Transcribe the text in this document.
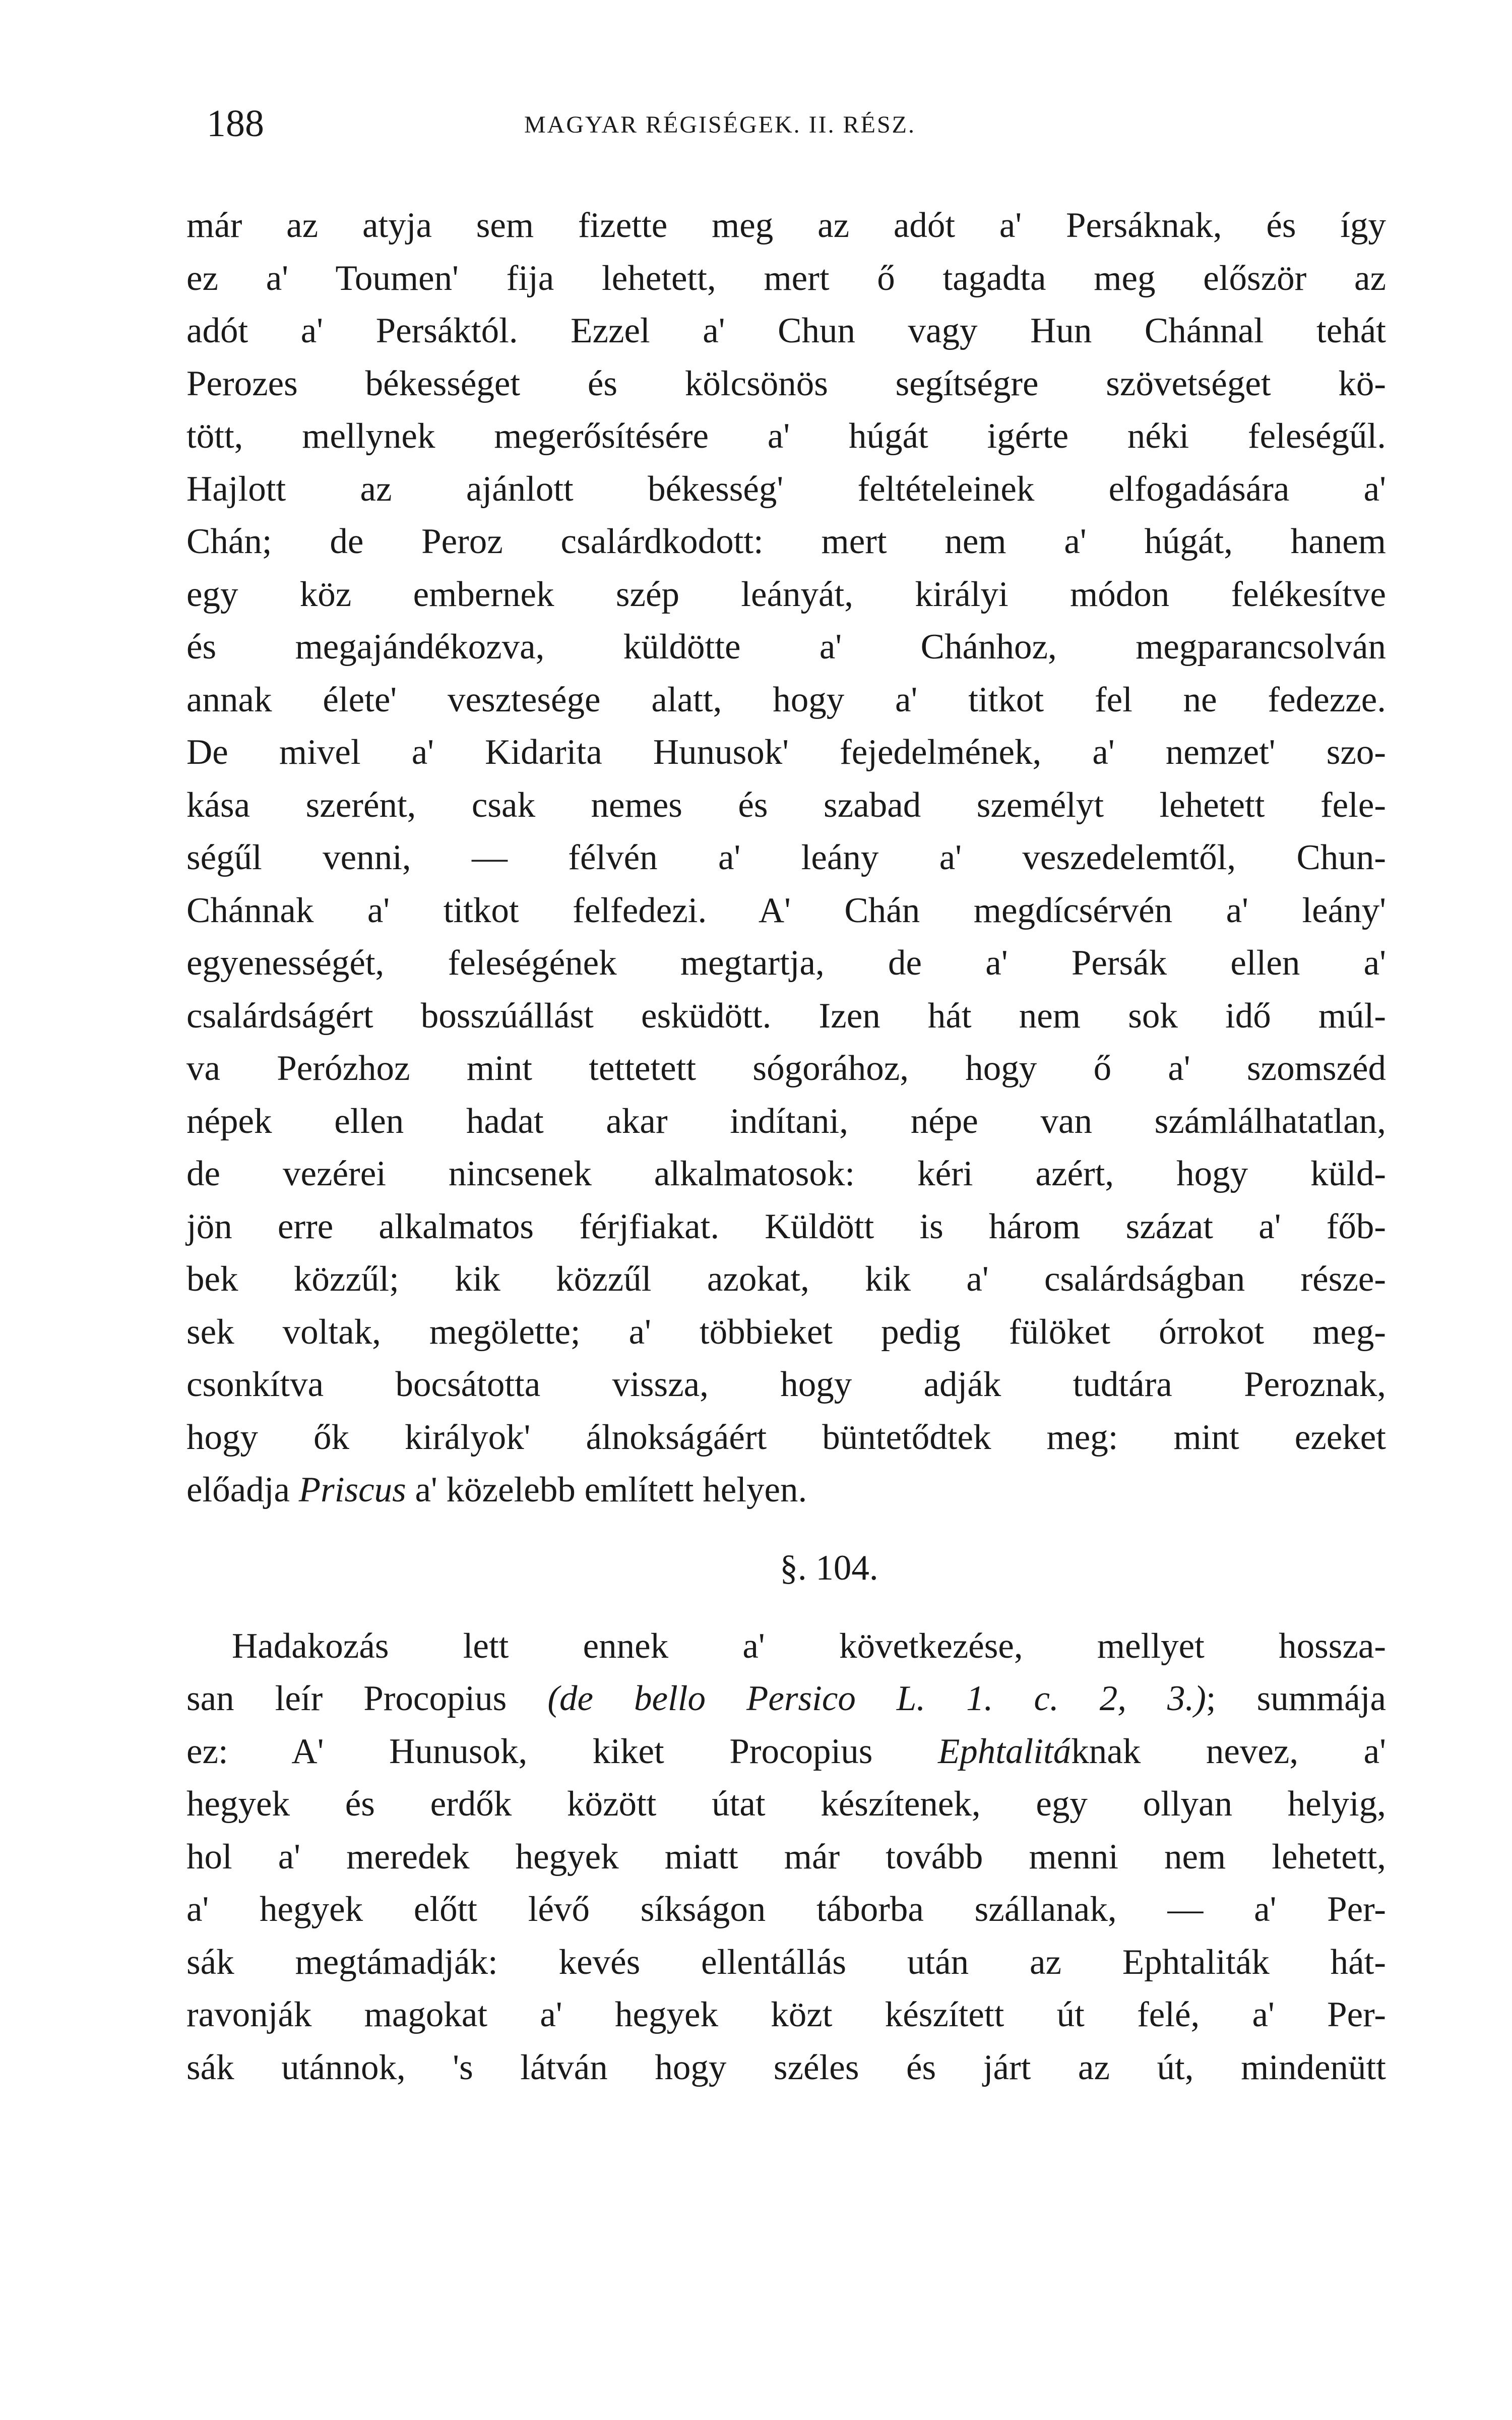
188	MAGYAR RÉGISÉGEK. II. RÉSZ.
már az atyja sem fizette meg az adót a' Persáknak, és így
ez a' Toumen' fija lehetett, mert ő tagadta meg először az
adót a' Persáktól. Ezzel a' Chun vagy Hun Chánnal tehát
Perozes békességet és kölcsönös segítségre szövetséget kö-
tött, mellynek megerősítésére a' húgát igérte néki feleségűl.
Hajlott az ajánlott békesség' feltételeinek elfogadására a'
Chán; de Peroz csalárdkodott: mert nem a' húgát, hanem
egy köz embernek szép leányát, királyi módon felékesítve
és megajándékozva, küldötte a' Chánhoz, megparancsolván
annak élete' vesztesége alatt, hogy a' titkot fel ne fedezze.
De mivel a' Kidarita Hunusok' fejedelmének, a' nemzet' szo-
kása szerént, csak nemes és szabad személyt lehetett fele-
ségűl venni, — félvén a' leány a' veszedelemtől, Chun-
Chánnak a' titkot felfedezi. A' Chán megdícsérvén a' leány'
egyenességét, feleségének megtartja, de a' Persák ellen a'
csalárdságért bosszúállást esküdött. Izen hát nem sok idő múl-
va Perózhoz mint tettetett sógorához, hogy ő a' szomszéd
népek ellen hadat akar indítani, népe van számlálhatatlan,
de vezérei nincsenek alkalmatosok: kéri azért, hogy küld-
jön erre alkalmatos férjfiakat. Küldött is három százat a' főb-
bek közzűl; kik közzűl azokat, kik a' csalárdságban része-
sek voltak, megölette; a' többieket pedig fülöket órrokot meg-
csonkítva bocsátotta vissza, hogy adják tudtára Peroznak,
hogy ők királyok' álnokságáért büntetődtek meg: mint ezeket
előadja Priscus a' közelebb említett helyen.
§. 104.
Hadakozás lett ennek a' következése, mellyet hossza-
san leír Procopius (de bello Persico L. 1. c. 2, 3.); summája
ez: A' Hunusok, kiket Procopius Ephtalitáknak nevez, a'
hegyek és erdők között útat készítenek, egy ollyan helyig,
hol a' meredek hegyek miatt már tovább menni nem lehetett,
a' hegyek előtt lévő síkságon táborba szállanak, — a' Per-
sák megtámadják: kevés ellentállás után az Ephtaliták hát-
ravonják magokat a' hegyek közt készített út felé, a' Per-
sák utánnok, 's látván hogy széles és járt az út, mindenütt
